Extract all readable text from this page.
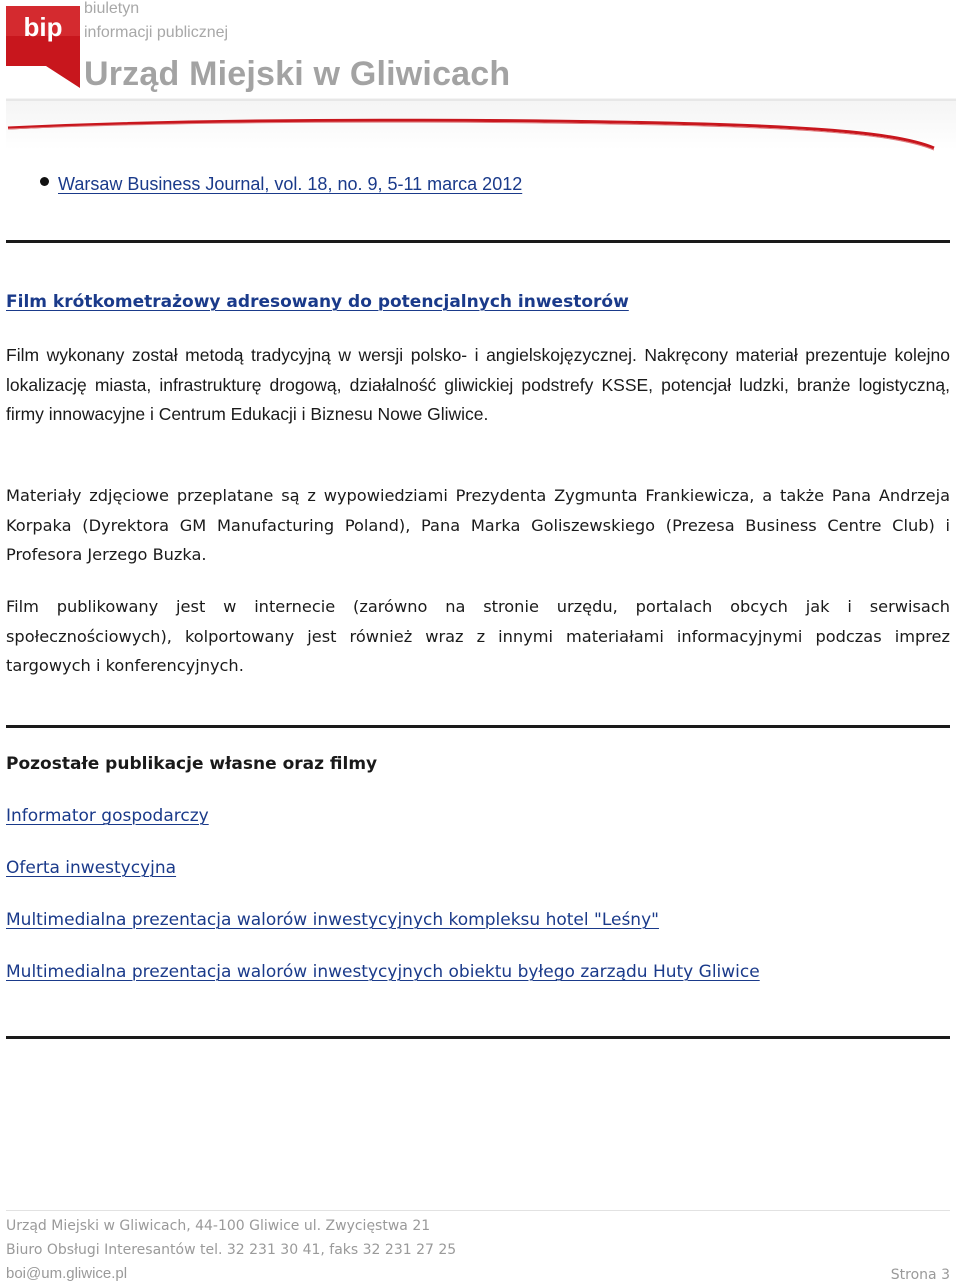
bip
biuletyn
informacji publicznej
Urząd Miejski w Gliwicach
Warsaw Business Journal, vol. 18, no. 9, 5-11 marca 2012
Film krótkometrażowy adresowany do potencjalnych inwestorów

Film wykonany został metodą tradycyjną w wersji polsko- i angielskojęzycznej. Nakręcony materiał prezentuje kolejno lokalizację miasta, infrastrukturę drogową, działalność gliwickiej podstrefy KSSE, potencjał ludzki, branże logistyczną, firmy innowacyjne i Centrum Edukacji i Biznesu Nowe Gliwice.

Materiały zdjęciowe przeplatane są z wypowiedziami Prezydenta Zygmunta Frankiewicza, a także Pana Andrzeja Korpaka (Dyrektora GM Manufacturing Poland), Pana Marka Goliszewskiego (Prezesa Business Centre Club) i Profesora Jerzego Buzka.

Film publikowany jest w internecie (zarówno na stronie urzędu, portalach obcych jak i serwisach społecznościowych), kolportowany jest również wraz z innymi materiałami informacyjnymi podczas imprez targowych i konferencyjnych.

Pozostałe publikacje własne oraz filmy
Informator gospodarczy
Oferta inwestycyjna
Multimedialna prezentacja walorów inwestycyjnych kompleksu hotel "Leśny"
Multimedialna prezentacja walorów inwestycyjnych obiektu byłego zarządu Huty Gliwice
Urząd Miejski w Gliwicach, 44-100 Gliwice ul. Zwycięstwa 21
Biuro Obsługi Interesantów tel. 32 231 30 41, faks 32 231 27 25
boi@um.gliwice.pl	Strona 3
